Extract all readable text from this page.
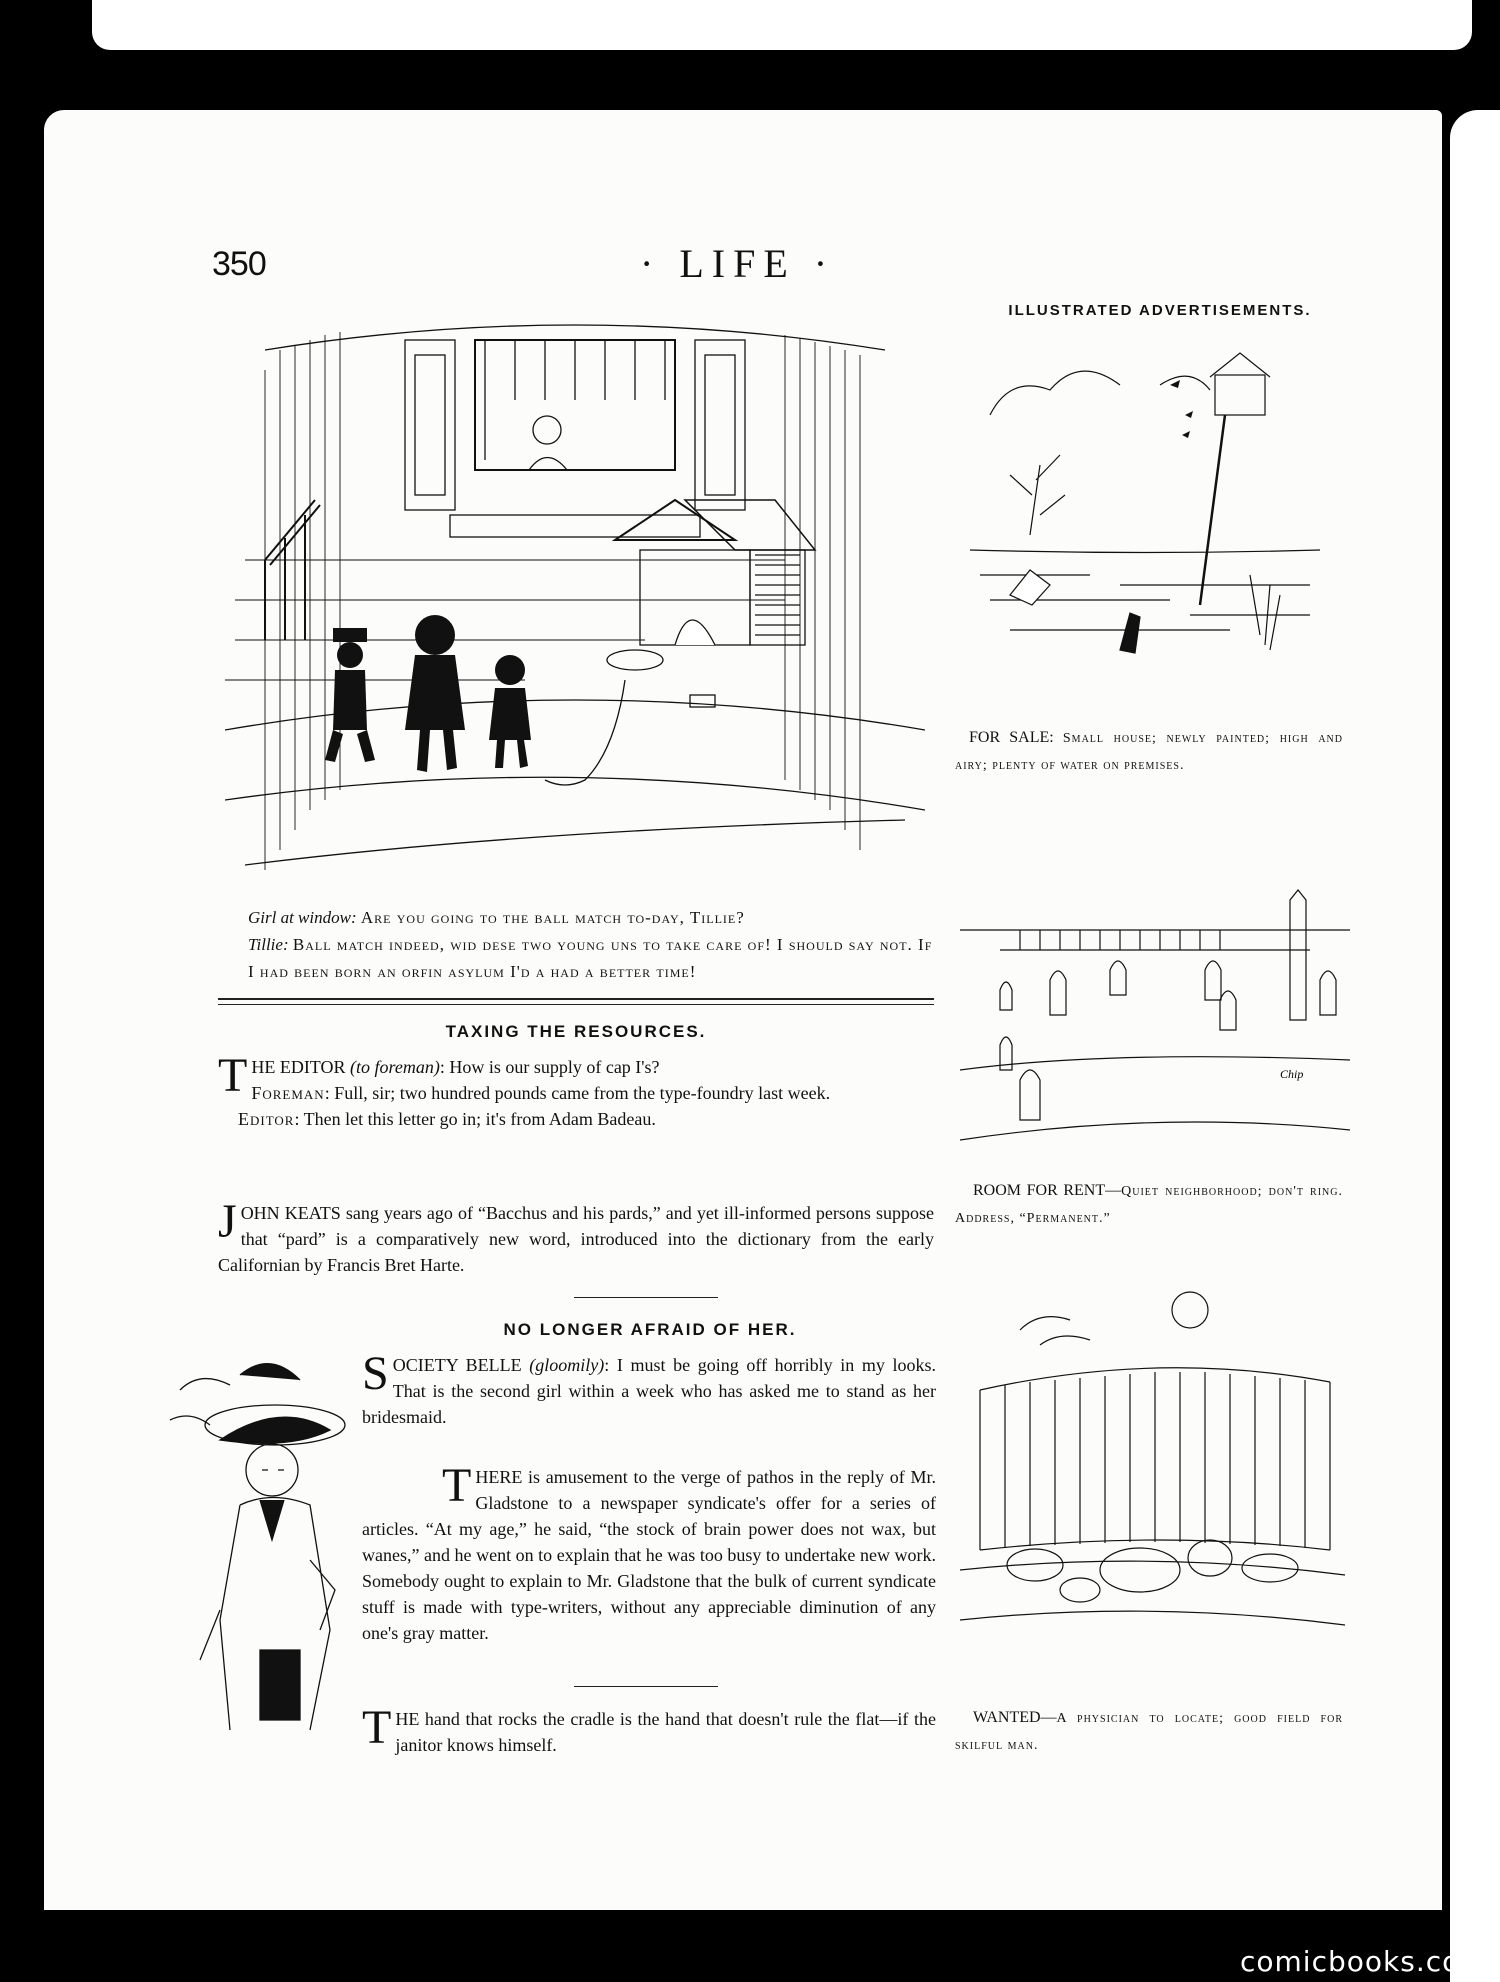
350	· LIFE ·
Girl at window: Are you going to the ball match to-day, Tillie?
Tillie: Ball match indeed, wid dese two young uns to take care of! I should say not. If I had been born an orfin asylum I'd a had a better time!
TAXING THE RESOURCES.
T HE EDITOR (to foreman): How is our supply of cap I's?
Foreman: Full, sir; two hundred pounds came from the type-foundry last week.
Editor: Then let this letter go in; it's from Adam Badeau.
J OHN KEATS sang years ago of “Bacchus and his pards,” and yet ill-informed persons suppose that “pard” is a comparatively new word, introduced into the dictionary from the early Californian by Francis Bret Harte.
NO LONGER AFRAID OF HER.
S OCIETY BELLE (gloomily): I must be going off horribly in my looks. That is the second girl within a week who has asked me to stand as her bridesmaid.
T HERE is amusement to the verge of pathos in the reply of Mr. Gladstone to a newspaper syndicate's offer for a series of articles. “At my age,” he said, “the stock of brain power does not wax, but wanes,” and he went on to explain that he was too busy to undertake new work. Somebody ought to explain to Mr. Gladstone that the bulk of current syndicate stuff is made with type-writers, without any appreciable diminution of any one's gray matter.
T HE hand that rocks the cradle is the hand that doesn't rule the flat—if the janitor knows himself.
ILLUSTRATED ADVERTISEMENTS.
FOR SALE: Small house; newly painted; high and airy; plenty of water on premises.
Chip
ROOM FOR RENT—Quiet neighborhood; don't ring. Address, “Permanent.”
WANTED—A physician to locate; good field for skilful man.
comicbooks.com
